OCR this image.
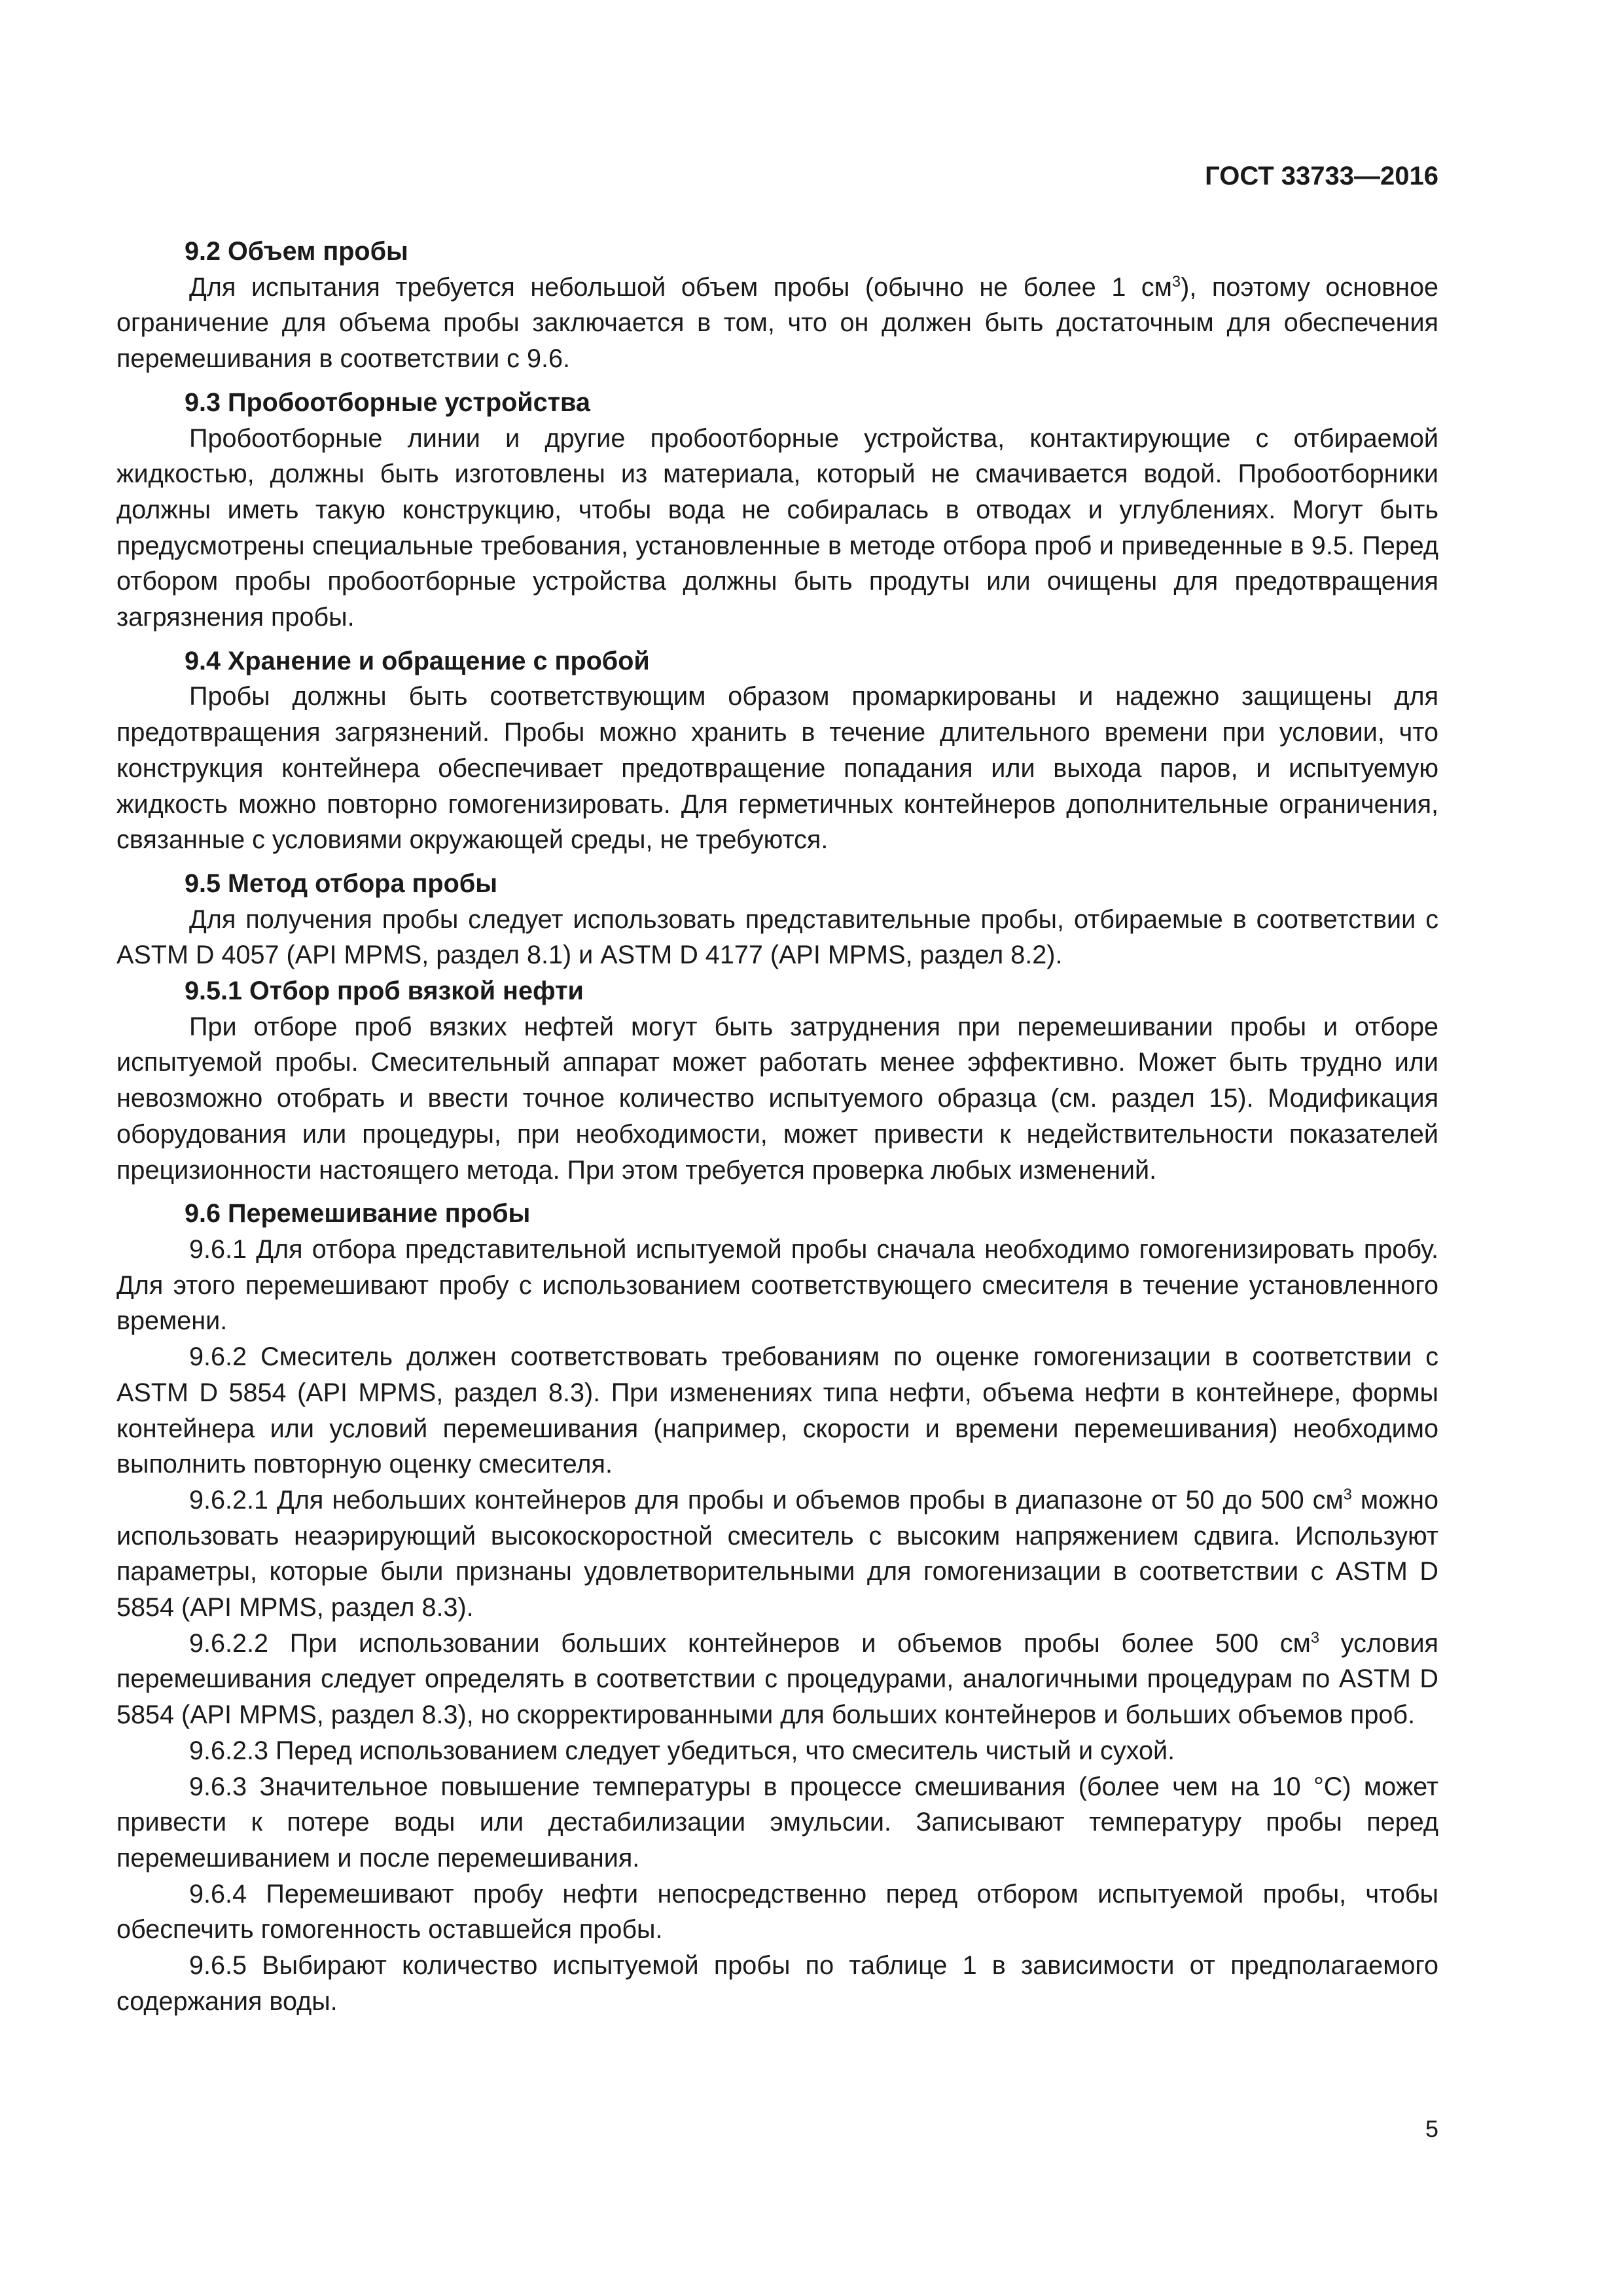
ГОСТ 33733—2016

9.2 Объем пробы

Для испытания требуется небольшой объем пробы (обычно не более 1 $см^3$), поэтому основное ограничение для объема пробы заключается в том, что он должен быть достаточным для обеспечения перемешивания в соответствии с 9.6.

9.3 Пробоотборные устройства

Пробоотборные линии и другие пробоотборные устройства, контактирующие с отбираемой жидкостью, должны быть изготовлены из материала, который не смачивается водой. Пробоотборники должны иметь такую конструкцию, чтобы вода не собиралась в отводах и углублениях. Могут быть предусмотрены специальные требования, установленные в методе отбора проб и приведенные в 9.5. Перед отбором пробы пробоотборные устройства должны быть продуты или очищены для предотвращения загрязнения пробы.

9.4 Хранение и обращение с пробой

Пробы должны быть соответствующим образом промаркированы и надежно защищены для предотвращения загрязнений. Пробы можно хранить в течение длительного времени при условии, что конструкция контейнера обеспечивает предотвращение попадания или выхода паров, и испытуемую жидкость можно повторно гомогенизировать. Для герметичных контейнеров дополнительные ограничения, связанные с условиями окружающей среды, не требуются.

9.5 Метод отбора пробы

Для получения пробы следует использовать представительные пробы, отбираемые в соответствии с ASTM D 4057 (API MPMS, раздел 8.1) и ASTM D 4177 (API MPMS, раздел 8.2).

9.5.1 Отбор проб вязкой нефти

При отборе проб вязких нефтей могут быть затруднения при перемешивании пробы и отборе испытуемой пробы. Смесительный аппарат может работать менее эффективно. Может быть трудно или невозможно отобрать и ввести точное количество испытуемого образца (см. раздел 15). Модификация оборудования или процедуры, при необходимости, может привести к недействительности показателей прецизионности настоящего метода. При этом требуется проверка любых изменений.

9.6 Перемешивание пробы

9.6.1 Для отбора представительной испытуемой пробы сначала необходимо гомогенизировать пробу. Для этого перемешивают пробу с использованием соответствующего смесителя в течение установленного времени.

9.6.2 Смеситель должен соответствовать требованиям по оценке гомогенизации в соответствии с ASTM D 5854 (API MPMS, раздел 8.3). При изменениях типа нефти, объема нефти в контейнере, формы контейнера или условий перемешивания (например, скорости и времени перемешивания) необходимо выполнить повторную оценку смесителя.

9.6.2.1 Для небольших контейнеров для пробы и объемов пробы в диапазоне от 50 до 500 $см^3$ можно использовать неаэрирующий высокоскоростной смеситель с высоким напряжением сдвига. Используют параметры, которые были признаны удовлетворительными для гомогенизации в соответствии с ASTM D 5854 (API MPMS, раздел 8.3).

9.6.2.2 При использовании больших контейнеров и объемов пробы более 500 $см^3$ условия перемешивания следует определять в соответствии с процедурами, аналогичными процедурам по ASTM D 5854 (API MPMS, раздел 8.3), но скорректированными для больших контейнеров и больших объемов проб.

9.6.2.3 Перед использованием следует убедиться, что смеситель чистый и сухой.

9.6.3 Значительное повышение температуры в процессе смешивания (более чем на 10 °С) может привести к потере воды или дестабилизации эмульсии. Записывают температуру пробы перед перемешиванием и после перемешивания.

9.6.4 Перемешивают пробу нефти непосредственно перед отбором испытуемой пробы, чтобы обеспечить гомогенность оставшейся пробы.

9.6.5 Выбирают количество испытуемой пробы по таблице 1 в зависимости от предполагаемого содержания воды.

5
